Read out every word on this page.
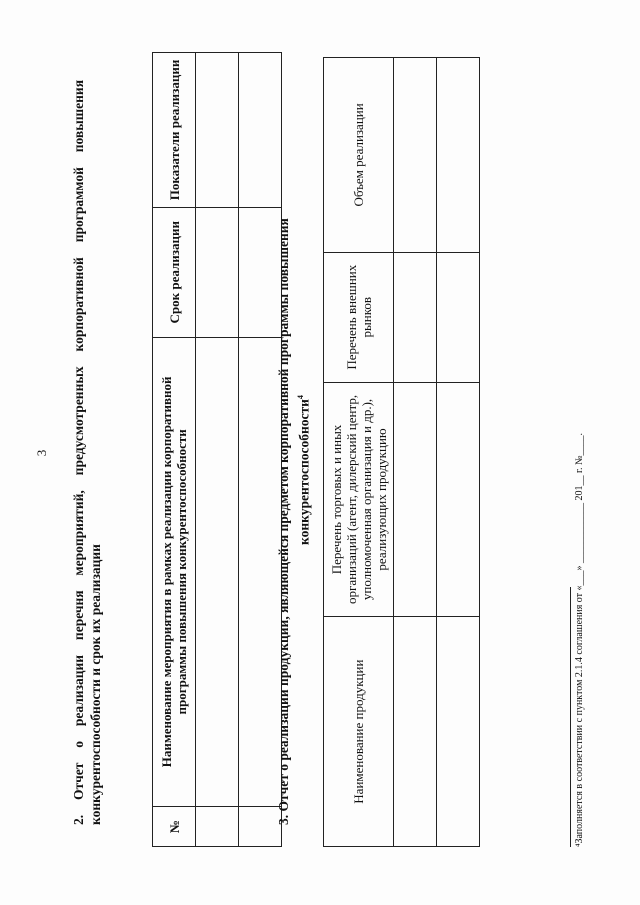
3 2. Отчет о реализации перечня мероприятий, предусмотренных корпоративной программой повышения конкурентоспособности и срок их реализации
№	Наименование мероприятия в рамках реализации корпоративной программы повышения конкурентоспособности	Срок реализации	Показатели реализации

3. Отчет о реализации продукции, являющейся предметом корпоративной программы повышения конкурентоспособности$^4$
Наименование продукции	Перечень торговых и иных организаций (агент, дилерский центр, уполномоченная организация и др.), реализующих продукцию	Перечень внешних рынков	Объем реализации

⁴Заполняется в соответствии с пунктом 2.1.4 соглашения от «___» ____________ 201__ г. №____.
